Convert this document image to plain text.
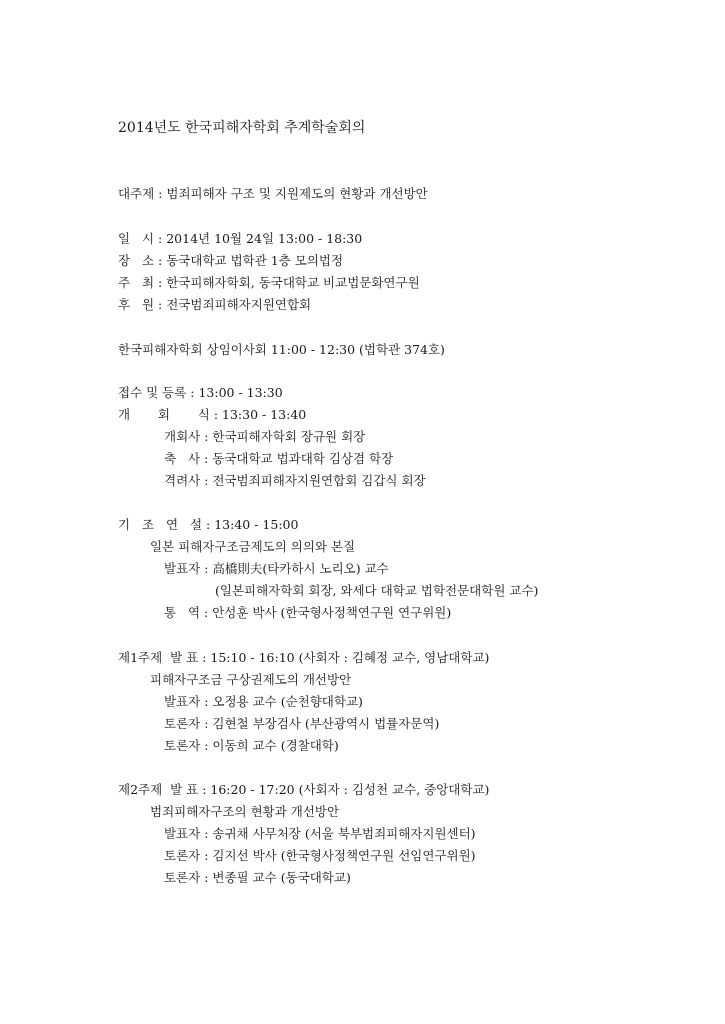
2014년도 한국피해자학회 추계학술회의
대주제 : 범죄피해자 구조 및 지원제도의 현황과 개선방안
일   시 : 2014년 10월 24일 13:00 - 18:30
장   소 : 동국대학교 법학관 1층 모의법정
주   최 : 한국피해자학회, 동국대학교 비교법문화연구원
후   원 : 전국범죄피해자지원연합회
한국피해자학회 상임이사회 11:00 - 12:30 (법학관 374호)
접수 및 등록 : 13:00 - 13:30
개       회       식 : 13:30 - 13:40
개회사 : 한국피해자학회 장규원 회장
축   사 : 동국대학교 법과대학 김상겸 학장
격려사 : 전국범죄피해자지원연합회 김갑식 회장
기   조   연   설 : 13:40 - 15:00
일본 피해자구조금제도의 의의와 본질
발표자 : 高橋則夫(타카하시 노리오) 교수
(일본피해자학회 회장, 와세다 대학교 법학전문대학원 교수)
통   역 : 안성훈 박사 (한국형사정책연구원 연구위원)
제1주제  발 표 : 15:10 - 16:10 (사회자 : 김혜정 교수, 영남대학교)
피해자구조금 구상권제도의 개선방안
발표자 : 오정용 교수 (순천향대학교)
토론자 : 김현철 부장검사 (부산광역시 법률자문역)
토론자 : 이동희 교수 (경찰대학)
제2주제  발 표 : 16:20 - 17:20 (사회자 : 김성천 교수, 중앙대학교)
범죄피해자구조의 현황과 개선방안
발표자 : 송귀채 사무처장 (서울 북부범죄피해자지원센터)
토론자 : 김지선 박사 (한국형사정책연구원 선임연구위원)
토론자 : 변종필 교수 (동국대학교)
